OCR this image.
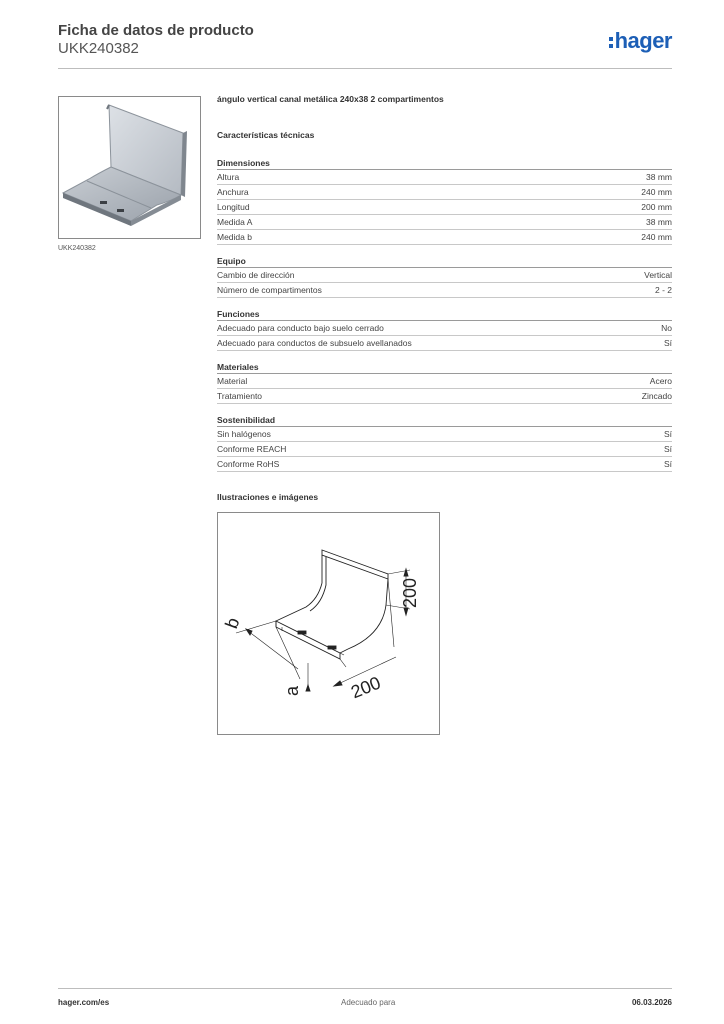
Ficha de datos de producto
UKK240382	hager
UKK240382
ángulo vertical canal metálica 240x38 2 compartimentos
Características técnicas
Dimensiones
Altura	38 mm
Anchura	240 mm
Longitud	200 mm
Medida A	38 mm
Medida b	240 mm
Equipo
Cambio de dirección	Vertical
Número de compartimentos	2 - 2
Funciones
Adecuado para conducto bajo suelo cerrado	No
Adecuado para conductos de subsuelo avellanados	Sí
Materiales
Material	Acero
Tratamiento	Zincado
Sostenibilidad
Sin halógenos	Sí
Conforme REACH	Sí
Conforme RoHS	Sí
Ilustraciones e imágenes
200
200
b
a
hager.com/es	Adecuado para	06.03.2026
